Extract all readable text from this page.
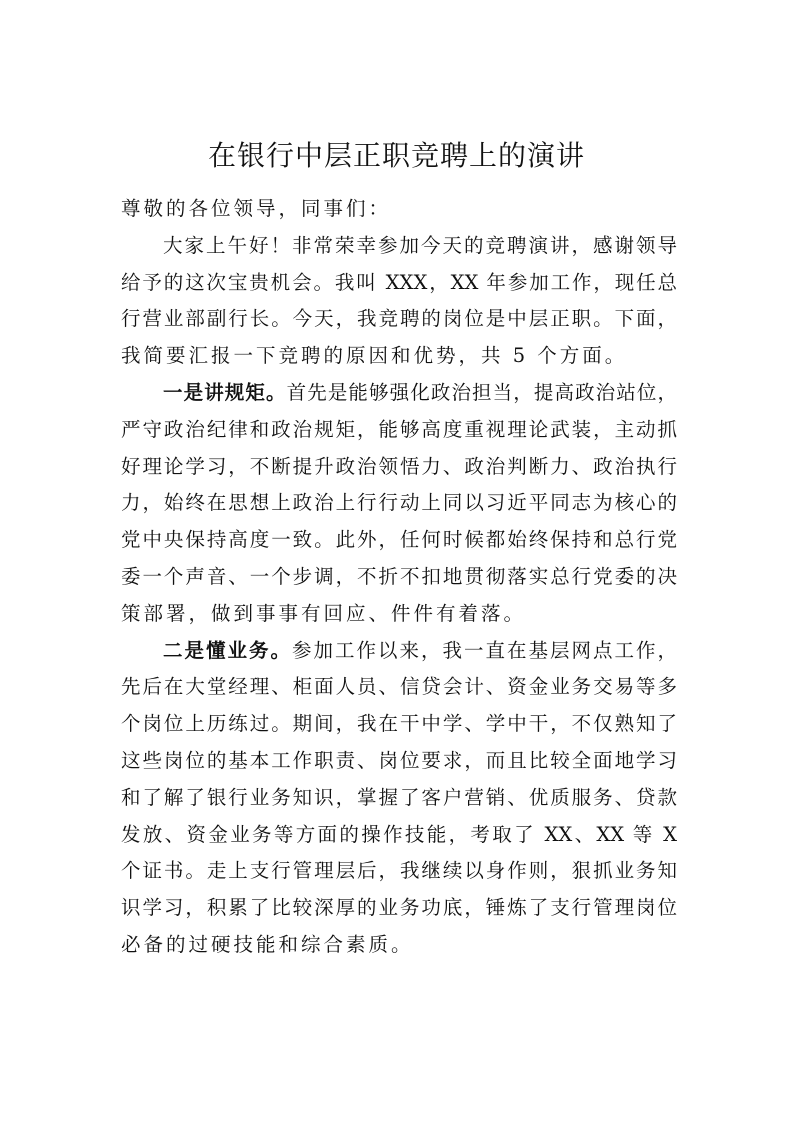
在银行中层正职竞聘上的演讲
尊敬的各位领导，同事们：
大家上午好！非常荣幸参加今天的竞聘演讲，感谢领导
给予的这次宝贵机会。我叫 XXX，XX 年参加工作，现任总
行营业部副行长。今天，我竞聘的岗位是中层正职。下面，
我简要汇报一下竞聘的原因和优势，共 5 个方面。
一是讲规矩。首先是能够强化政治担当，提高政治站位，
严守政治纪律和政治规矩，能够高度重视理论武装，主动抓
好理论学习，不断提升政治领悟力、政治判断力、政治执行
力，始终在思想上政治上行行动上同以习近平同志为核心的
党中央保持高度一致。此外，任何时候都始终保持和总行党
委一个声音、一个步调，不折不扣地贯彻落实总行党委的决
策部署，做到事事有回应、件件有着落。
二是懂业务。参加工作以来，我一直在基层网点工作，
先后在大堂经理、柜面人员、信贷会计、资金业务交易等多
个岗位上历练过。期间，我在干中学、学中干，不仅熟知了
这些岗位的基本工作职责、岗位要求，而且比较全面地学习
和了解了银行业务知识，掌握了客户营销、优质服务、贷款
发放、资金业务等方面的操作技能，考取了 XX、XX 等 X
个证书。走上支行管理层后，我继续以身作则，狠抓业务知
识学习，积累了比较深厚的业务功底，锤炼了支行管理岗位
必备的过硬技能和综合素质。
